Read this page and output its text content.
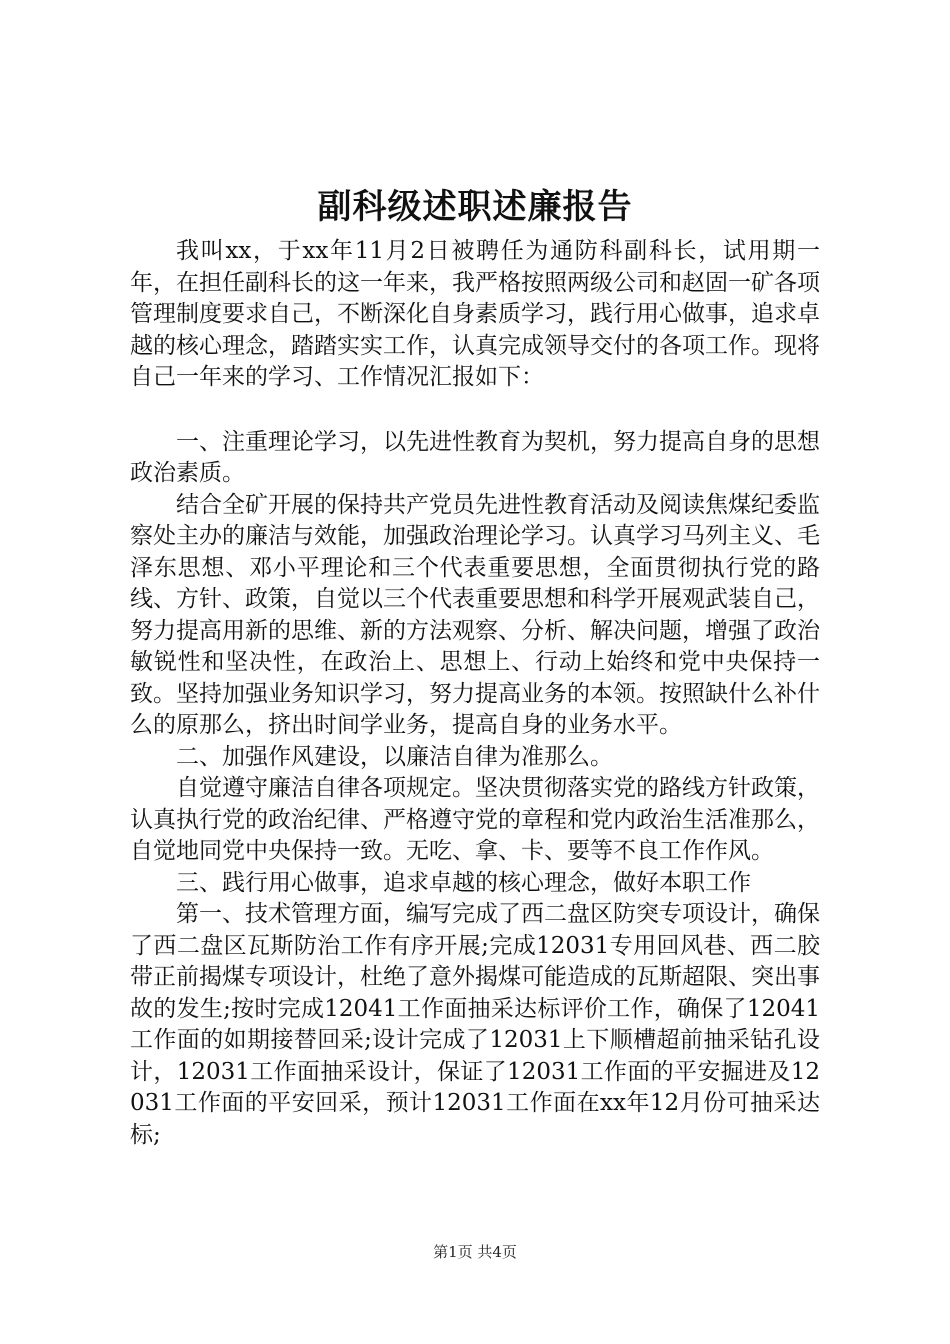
副科级述职述廉报告

我叫xx，于xx年11月2日被聘任为通防科副科长，试用期一年，在担任副科长的这一年来，我严格按照两级公司和赵固一矿各项管理制度要求自己，不断深化自身素质学习，践行用心做事，追求卓越的核心理念，踏踏实实工作，认真完成领导交付的各项工作。现将自己一年来的学习、工作情况汇报如下：

一、注重理论学习，以先进性教育为契机，努力提高自身的思想政治素质。

结合全矿开展的保持共产党员先进性教育活动及阅读焦煤纪委监察处主办的廉洁与效能，加强政治理论学习。认真学习马列主义、毛泽东思想、邓小平理论和三个代表重要思想，全面贯彻执行党的路线、方针、政策，自觉以三个代表重要思想和科学开展观武装自己，努力提高用新的思维、新的方法观察、分析、解决问题，增强了政治敏锐性和坚决性，在政治上、思想上、行动上始终和党中央保持一致。坚持加强业务知识学习，努力提高业务的本领。按照缺什么补什么的原那么，挤出时间学业务，提高自身的业务水平。

二、加强作风建设，以廉洁自律为准那么。

自觉遵守廉洁自律各项规定。坚决贯彻落实党的路线方针政策，认真执行党的政治纪律、严格遵守党的章程和党内政治生活准那么，自觉地同党中央保持一致。无吃、拿、卡、要等不良工作作风。

三、践行用心做事，追求卓越的核心理念，做好本职工作

第一、技术管理方面，编写完成了西二盘区防突专项设计，确保了西二盘区瓦斯防治工作有序开展;完成12031专用回风巷、西二胶带正前揭煤专项设计，杜绝了意外揭煤可能造成的瓦斯超限、突出事故的发生;按时完成12041工作面抽采达标评价工作，确保了12041工作面的如期接替回采;设计完成了12031上下顺槽超前抽采钻孔设计，12031工作面抽采设计，保证了12031工作面的平安掘进及12031工作面的平安回采，预计12031工作面在xx年12月份可抽采达标;

第1页 共4页
